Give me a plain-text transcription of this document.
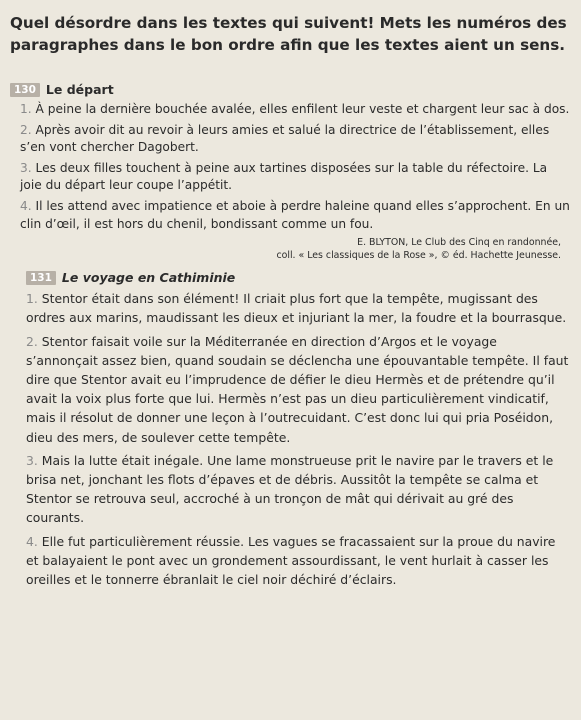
Quel désordre dans les textes qui suivent! Mets les numéros des paragraphes dans le bon ordre afin que les textes aient un sens.

130 Le départ

1. À peine la dernière bouchée avalée, elles enfilent leur veste et chargent leur sac à dos.

2. Après avoir dit au revoir à leurs amies et salué la directrice de l’établissement, elles s’en vont chercher Dagobert.

3. Les deux filles touchent à peine aux tartines disposées sur la table du réfectoire. La joie du départ leur coupe l’appétit.

4. Il les attend avec impatience et aboie à perdre haleine quand elles s’approchent. En un clin d’œil, il est hors du chenil, bondissant comme un fou.

E. BLYTON, Le Club des Cinq en randonnée,

coll. « Les classiques de la Rose », © éd. Hachette Jeunesse.

131 Le voyage en Cathiminie

1. Stentor était dans son élément! Il criait plus fort que la tempête, mugissant des ordres aux marins, maudissant les dieux et injuriant la mer, la foudre et la bourrasque.

2. Stentor faisait voile sur la Méditerranée en direction d’Argos et le voyage s’annonçait assez bien, quand soudain se déclencha une épouvantable tempête. Il faut dire que Stentor avait eu l’imprudence de défier le dieu Hermès et de prétendre qu’il avait la voix plus forte que lui. Hermès n’est pas un dieu particulièrement vindicatif, mais il résolut de donner une leçon à l’outrecuidant. C’est donc lui qui pria Poséidon, dieu des mers, de soulever cette tempête.

3. Mais la lutte était inégale. Une lame monstrueuse prit le navire par le travers et le brisa net, jonchant les flots d’épaves et de débris. Aussitôt la tempête se calma et Stentor se retrouva seul, accroché à un tronçon de mât qui dérivait au gré des courants.

4. Elle fut particulièrement réussie. Les vagues se fracassaient sur la proue du navire et balayaient le pont avec un grondement assourdissant, le vent hurlait à casser les oreilles et le tonnerre ébranlait le ciel noir déchiré d’éclairs.
